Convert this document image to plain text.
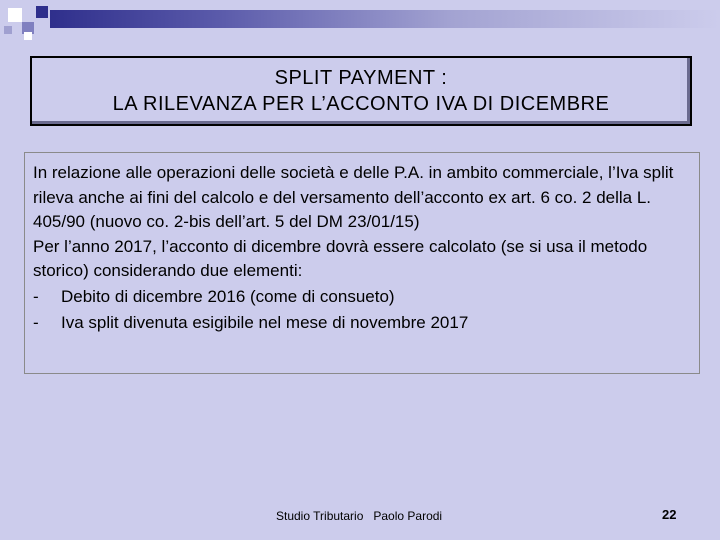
SPLIT PAYMENT :
LA RILEVANZA PER L’ACCONTO IVA DI DICEMBRE

In relazione alle operazioni delle società e delle P.A. in ambito commerciale, l’Iva split rileva anche ai fini del calcolo e del versamento dell’acconto ex art. 6 co. 2 della L. 405/90 (nuovo co. 2-bis dell’art. 5 del DM 23/01/15)

Per l’anno 2017, l’acconto di dicembre dovrà essere calcolato (se si usa il metodo storico) considerando due elementi:

-	Debito di dicembre 2016 (come di consueto)
-	Iva split divenuta esigibile nel mese di novembre 2017
Studio Tributario   Paolo Parodi	22
